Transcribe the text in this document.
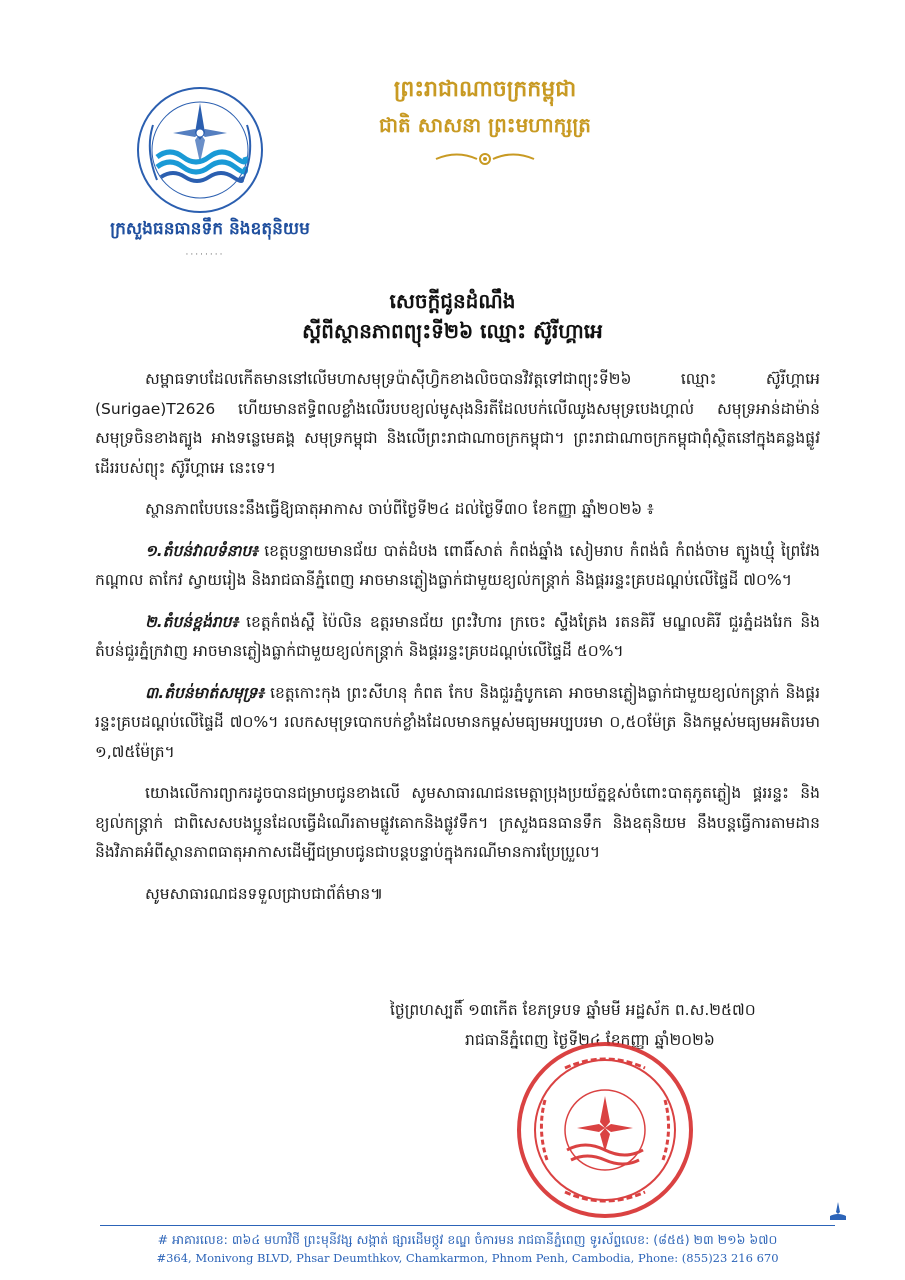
ក្រសួងធនធានទឹក និងឧតុនិយម
········
ព្រះរាជាណាចក្រកម្ពុជា
ជាតិ សាសនា ព្រះមហាក្សត្រ
សេចក្តីជូនដំណឹង
ស្តីពីស្ថានភាពព្យុះទី២៦ ឈ្មោះ ស៊ូរីហ្គាអេ

សម្ពាធទាបដែលកើតមាននៅលើមហាសមុទ្រប៉ាស៊ីហ្វិកខាងលិចបានវិវត្តទៅជាព្យុះទី២៦ ឈ្មោះ ស៊ូរីហ្គាអេ (Surigae)T2626 ហើយមានឥទ្ធិពលខ្លាំងលើរបបខ្យល់មូសុងនិរតីដែលបក់លើឈូងសមុទ្របេងហ្គាល់ សមុទ្រអាន់ដាម៉ាន់ សមុទ្រចិនខាងត្បូង អាងទន្លេមេគង្គ សមុទ្រកម្ពុជា និងលើព្រះរាជាណាចក្រកម្ពុជា។ ព្រះរាជាណាចក្រកម្ពុជាពុំស្ថិតនៅក្នុងគន្លងផ្លូវដើររបស់ព្យុះ ស៊ូរីហ្គាអេ នេះទេ។

ស្ថានភាពបែបនេះនឹងធ្វើឱ្យធាតុអាកាស ចាប់ពីថ្ងៃទី២៤ ដល់ថ្ងៃទី៣០ ខែកញ្ញា ឆ្នាំ២០២៦ ៖

១.តំបន់វាលទំនាប៖ ខេត្តបន្ទាយមានជ័យ បាត់ដំបង ពោធិ៍សាត់ កំពង់ឆ្នាំង សៀមរាប កំពង់ធំ កំពង់ចាម ត្បូងឃ្មុំ ព្រៃវែង កណ្តាល តាកែវ ស្វាយរៀង និងរាជធានីភ្នំពេញ អាចមានភ្លៀងធ្លាក់ជាមួយខ្យល់កន្ត្រាក់ និងផ្គររន្ទះគ្របដណ្តប់លើផ្ទៃដី ៧០%។

២.តំបន់ខ្ពង់រាប៖ ខេត្តកំពង់ស្ពឺ ប៉ៃលិន ឧត្តរមានជ័យ ព្រះវិហារ ក្រចេះ ស្ទឹងត្រែង រតនគិរី មណ្ឌលគិរី ជួរភ្នំដងរែក និងតំបន់ជួរភ្នំក្រវាញ អាចមានភ្លៀងធ្លាក់ជាមួយខ្យល់កន្ត្រាក់ និងផ្គររន្ទះគ្របដណ្តប់លើផ្ទៃដី ៥០%។

៣.តំបន់មាត់សមុទ្រ៖ ខេត្តកោះកុង ព្រះសីហនុ កំពត កែប និងជួរភ្នំបូកគោ អាចមានភ្លៀងធ្លាក់ជាមួយខ្យល់កន្ត្រាក់ និងផ្គររន្ទះគ្របដណ្តប់លើផ្ទៃដី ៧០%។ រលកសមុទ្របោកបក់ខ្លាំងដែលមានកម្ពស់មធ្យមអប្បបរមា ០,៥០ម៉ែត្រ និងកម្ពស់មធ្យមអតិបរមា ១,៧៥ម៉ែត្រ។

យោងលើការព្យាករដូចបានជម្រាបជូនខាងលើ សូមសាធារណជនមេត្តាប្រុងប្រយ័ត្នខ្ពស់ចំពោះបាតុភូតភ្លៀង ផ្គររន្ទះ និងខ្យល់កន្ត្រាក់ ជាពិសេសបងប្អូនដែលធ្វើដំណើរតាមផ្លូវគោកនិងផ្លូវទឹក។ ក្រសួងធនធានទឹក និងឧតុនិយម នឹងបន្តធ្វើការតាមដាន និងវិភាគអំពីស្ថានភាពធាតុអាកាសដើម្បីជម្រាបជូនជាបន្តបន្ទាប់ក្នុងករណីមានការប្រែប្រួល។

សូមសាធារណជនទទួលជ្រាបជាព័ត៌មាន៕

ថ្ងៃព្រហស្បតិ៍ ១៣កើត ខែភទ្របទ ឆ្នាំមមី អដ្ឋស័ក ព.ស.២៥៧០
រាជធានីភ្នំពេញ ថ្ងៃទី២៤ ខែកញ្ញា ឆ្នាំ២០២៦
# អាគារលេខ: ៣៦៤ មហាវិថី ព្រះមុនីវង្ស សង្កាត់ ផ្សារដើមថ្កូវ ខណ្ឌ ចំការមន រាជធានីភ្នំពេញ ទូរស័ព្ទលេខ: (៨៥៥) ២៣ ២១៦ ៦៧០
#364, Monivong BLVD, Phsar Deumthkov, Chamkarmon, Phnom Penh, Cambodia, Phone: (855)23 216 670
